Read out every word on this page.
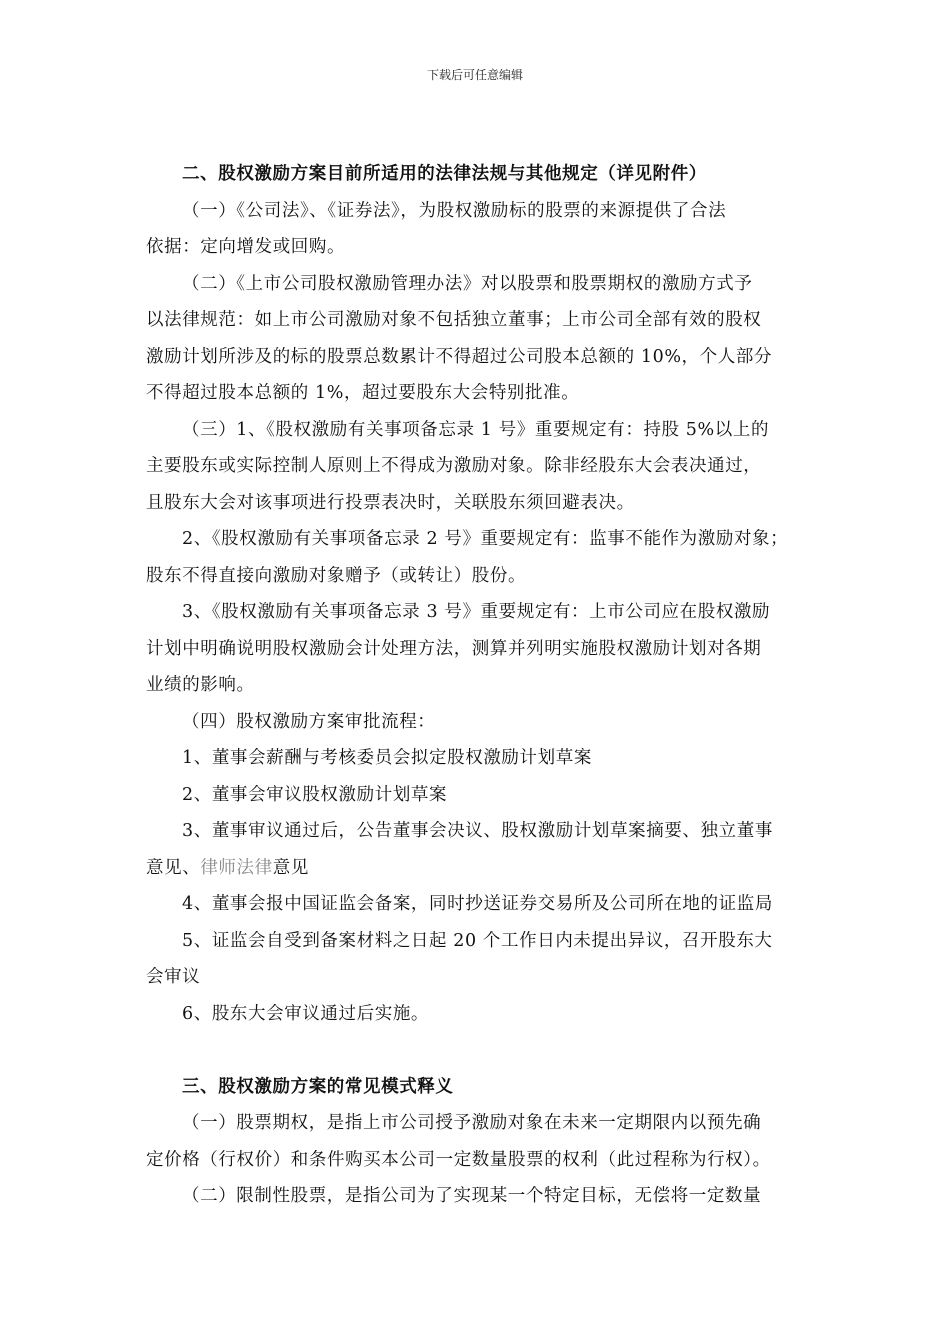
下载后可任意编辑
二、股权激励方案目前所适用的法律法规与其他规定（详见附件）
（一）《公司法》、《证券法》，为股权激励标的股票的来源提供了合法
依据：定向增发或回购。
（二）《上市公司股权激励管理办法》对以股票和股票期权的激励方式予
以法律规范：如上市公司激励对象不包括独立董事；上市公司全部有效的股权
激励计划所涉及的标的股票总数累计不得超过公司股本总额的 10%，个人部分
不得超过股本总额的 1%，超过要股东大会特别批准。
（三）1、《股权激励有关事项备忘录 1 号》重要规定有：持股 5%以上的
主要股东或实际控制人原则上不得成为激励对象。除非经股东大会表决通过，
且股东大会对该事项进行投票表决时，关联股东须回避表决。
2、《股权激励有关事项备忘录 2 号》重要规定有：监事不能作为激励对象；
股东不得直接向激励对象赠予（或转让）股份。
3、《股权激励有关事项备忘录 3 号》重要规定有：上市公司应在股权激励
计划中明确说明股权激励会计处理方法，测算并列明实施股权激励计划对各期
业绩的影响。
（四）股权激励方案审批流程：
1、董事会薪酬与考核委员会拟定股权激励计划草案
2、董事会审议股权激励计划草案
3、董事审议通过后，公告董事会决议、股权激励计划草案摘要、独立董事
意见、律师法律意见
4、董事会报中国证监会备案，同时抄送证券交易所及公司所在地的证监局
5、证监会自受到备案材料之日起 20 个工作日内未提出异议，召开股东大
会审议
6、股东大会审议通过后实施。
三、股权激励方案的常见模式释义
（一）股票期权，是指上市公司授予激励对象在未来一定期限内以预先确
定价格（行权价）和条件购买本公司一定数量股票的权利（此过程称为行权）。
（二）限制性股票，是指公司为了实现某一个特定目标，无偿将一定数量
